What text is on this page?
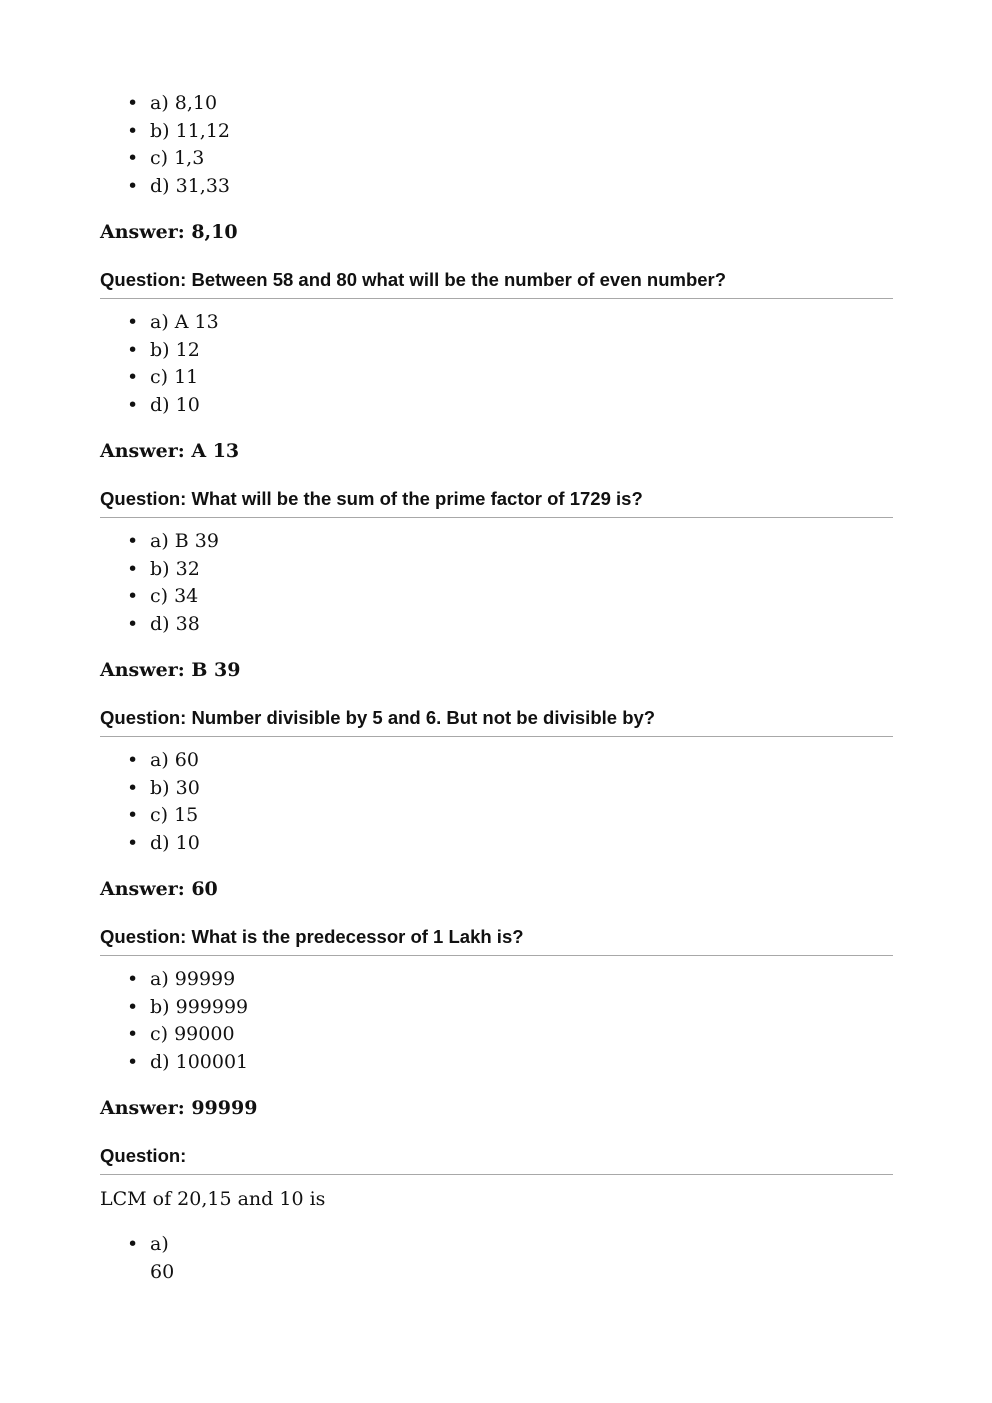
• a) 8,10
• b) 11,12
• c) 1,3
• d) 31,33
Answer: 8,10
Question: Between 58 and 80 what will be the number of even number?
• a) A 13
• b) 12
• c) 11
• d) 10
Answer: A 13
Question: What will be the sum of the prime factor of 1729 is?
• a) B 39
• b) 32
• c) 34
• d) 38
Answer: B 39
Question: Number divisible by 5 and 6. But not be divisible by?
• a) 60
• b) 30
• c) 15
• d) 10
Answer: 60
Question: What is the predecessor of 1 Lakh is?
• a) 99999
• b) 999999
• c) 99000
• d) 100001
Answer: 99999
Question:
LCM of 20,15 and 10 is
• a)
60
